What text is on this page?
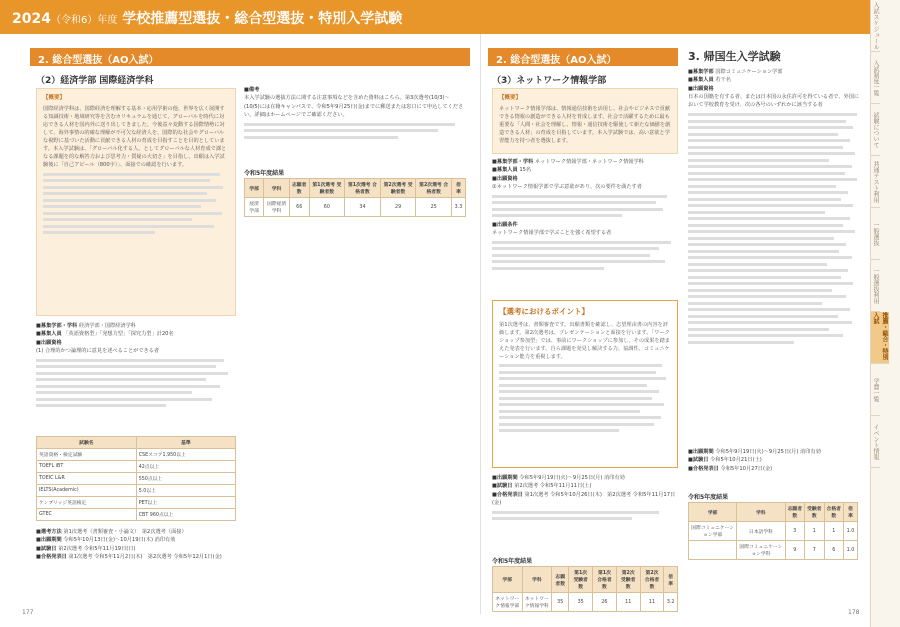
2024（令和6）年度 学校推薦型選抜・総合型選抜・特別入学試験	入試スケジュール
入試制度一覧
試験について
共通テスト利用
一般選抜
一般選抜利用
推薦・総合・特別入試
学費一覧
イベント情報
2. 総合型選抜（AO入試）
（2）経済学部 国際経済学科
【概要】
国際経済学科は、国際経済を理解する基本・応用学術の他、世界を広く展開する知識技術・地域研究等を含むカリキュラムを通じて、グローバルを時代に対応できる人材を国内外に送り出してきました。今後益々変動する国際情勢に対して、海外事情の的確な理解が不可欠な経済人を、国際的な社会やグローバルな視野に基づいた活動に貢献できる人材の育成を目指すことを目的としています。本入学試験は、「グローバル化する人、としてグローバルな人材育成で課となる課題を的な解答力および思考力・質疑の大切さ」を目指し、出願は入学試験後に「自己アピール（800字）」、面接での確認を行います。
■備考
本入学試験の選抜方法に関する注意事項などを含めた資料はこちら。第3次選考(10/3)〜(10/5)には在籍キャンパスで、令和5年9月25日(金)までに郵送または窓口にて申込してください。詳細はホームページでご確認ください。
令和5年度結果
学部	学科	志願者数	第1次選考 受験者数	第1次選考 合格者数	第2次選考 受験者数	第2次選考 合格者数	倍率
経済学部	国際経済学科	66	60	34	29	25	3.3
■募集学部・学科 経済学部・国際経済学科
■募集人員 「英語資格型」「発想力型」「探究力型」計20名
■出願資格
(1) 合理的かつ論理的に意見を述べることができる者
試験名	基準
英語資格・検定試験	CSEスコア1,950以上
TOEFL iBT	42点以上
TOEIC L&R	550点以上
IELTS(Academic)	5.0以上
ケンブリッジ英語検定	PET以上
GTEC	CBT 960点以上
■選考方法 第1次選考（書類審査・小論文）　第2次選考（面接）
■出願期間 令和5年10月13日(金)〜10月19日(木) 消印有効
■試験日 第2次選考 令和5年11月19日(日)
■合格発表日 第1次選考 令和5年11月2日(木)　第2次選考 令和5年12月1日(金)
177
2. 総合型選抜（AO入試）
（3）ネットワーク情報学部
【概要】
ネットワーク情報学部は、情報通信技術を活用し、社会やビジネスで貢献できる情報の創造ができる人材を育成します。社会で活躍するために最も重要な「人間・社会を理解し、情報・通信技術を駆使して新たな価値を創造できる人材」の育成を目指しています。本入学試験では、高い意欲と学習能力を持つ者を選抜します。
■募集学部・学科 ネットワーク情報学部・ネットワーク情報学科
■募集人員 15名
■出願資格
①ネットワーク情報学部で学ぶ意欲があり、次の要件を満たす者
■出願条件
ネットワーク情報学部で学ぶことを強く希望する者
【選考におけるポイント】
第1次選考は、書類審査です。出願書類を確認し、志望理由書の内容を評価します。第2次選考は、プレゼンテーションと面接を行います。「ワークショップ参加型」では、事前にワークショップに参加し、その成果を踏まえた発表を行います。自ら課題を発見し解決する力、協調性、コミュニケーション能力を重視します。
■出願期間 令和5年9月19日(火)〜9月25日(月) 消印有効
■試験日 第2次選考 令和5年11月11日(土)
■合格発表日 第1次選考 令和5年10月26日(木)　第2次選考 令和5年11月17日(金)
令和5年度結果
学部	学科	志願者数	第1次 受験者数	第1次 合格者数	第2次 受験者数	第2次 合格者数	倍率
ネットワーク情報学部	ネットワーク情報学科	35	35	26	11	11	3.2
3. 帰国生入学試験
■募集学部 国際コミュニケーション学部
■募集人員 若干名
■出願資格
日本の国籍を有する者、または日本国の永住許可を得ている者で、外国において学校教育を受け、次の各号のいずれかに該当する者
■出願期間 令和5年9月19日(火)〜9月25日(月) 消印有効
■試験日 令和5年10月21日(土)
■合格発表日 令和5年10月27日(金)
令和5年度結果
学部	学科	志願者数	受験者数	合格者数	倍率
国際コミュニケーション学部	日本語学科	3	1	1	1.0
	国際コミュニケーション学科	9	7	6	1.0
178
